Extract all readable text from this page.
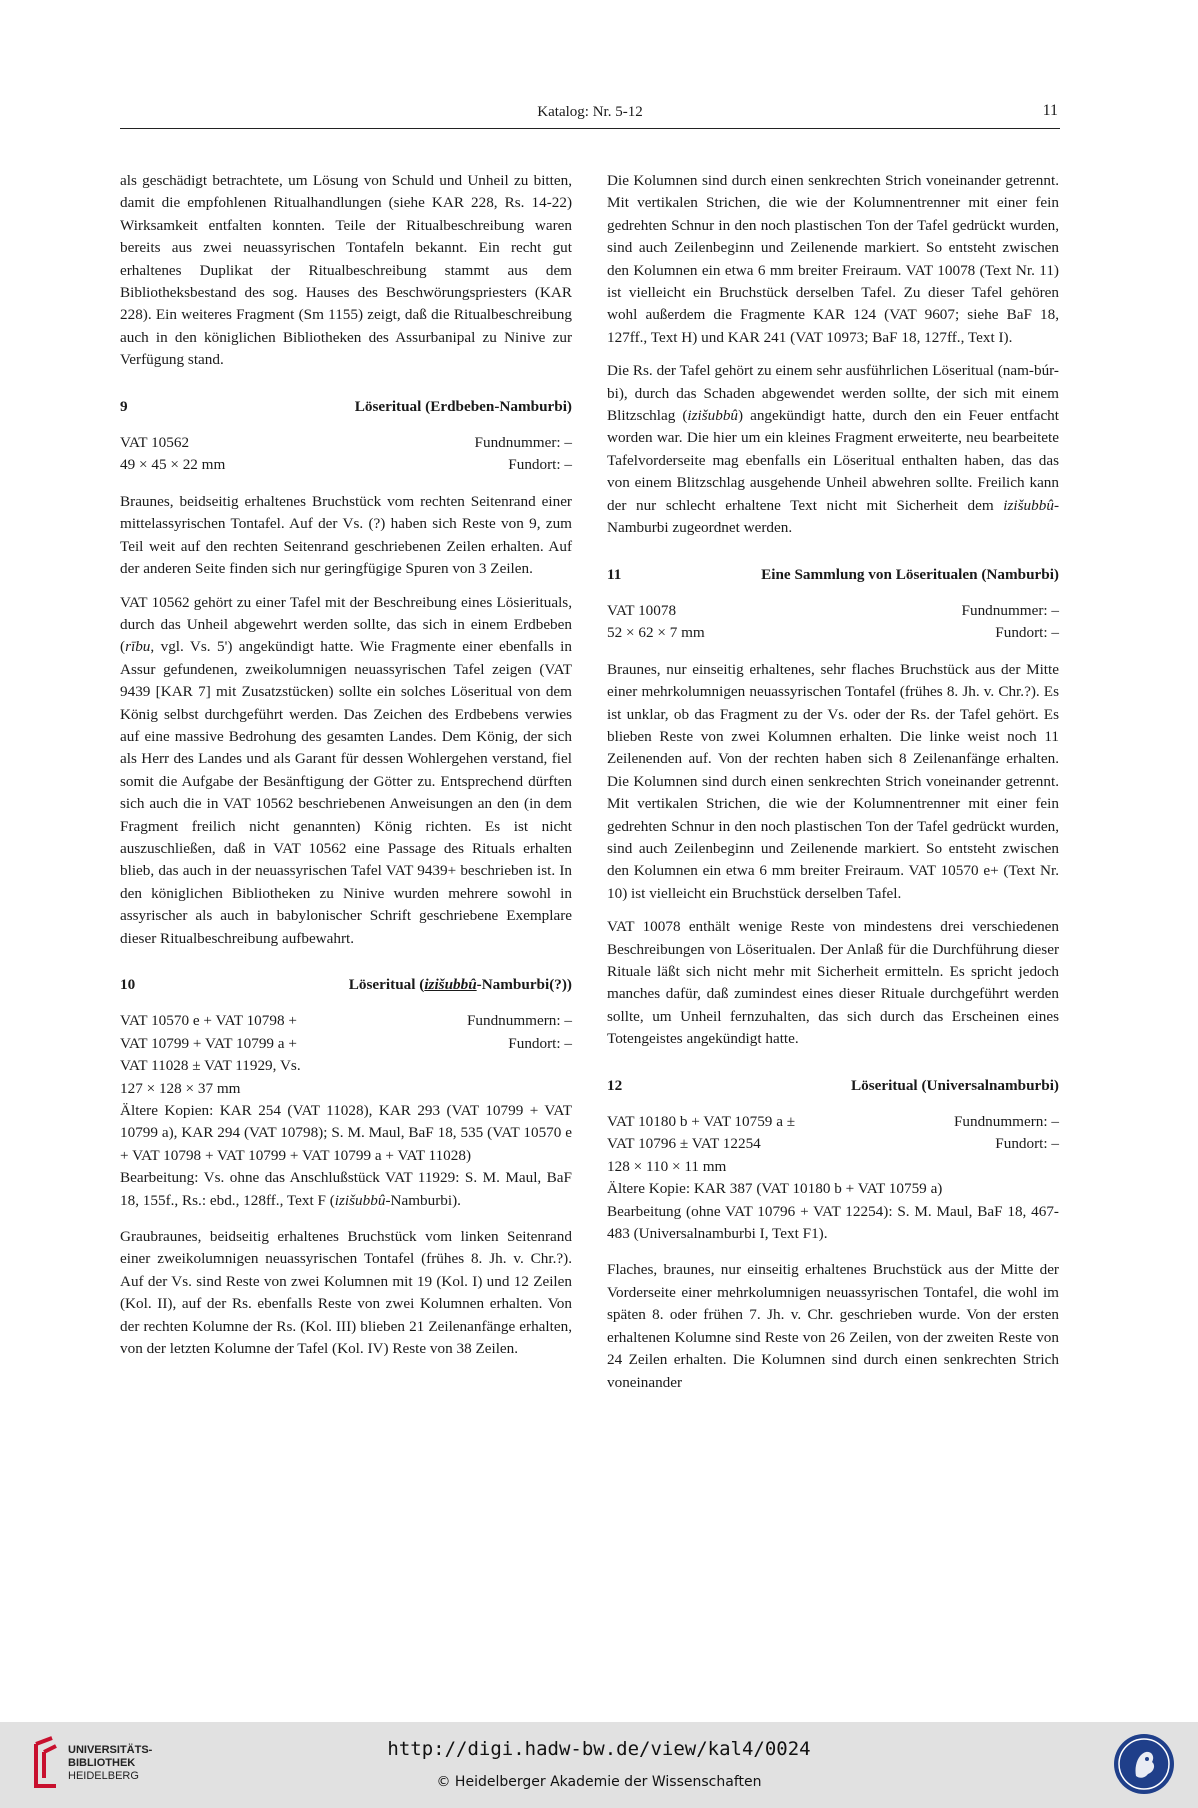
Katalog: Nr. 5-12	11

als geschädigt betrachtete, um Lösung von Schuld und Unheil zu bitten, damit die empfohlenen Ritualhandlungen (siehe KAR 228, Rs. 14-22) Wirksamkeit entfalten konnten. Teile der Ritualbeschreibung waren bereits aus zwei neuassyrischen Tontafeln bekannt. Ein recht gut erhaltenes Duplikat der Ritualbeschreibung stammt aus dem Bibliotheksbestand des sog. Hauses des Beschwörungspriesters (KAR 228). Ein weiteres Fragment (Sm 1155) zeigt, daß die Ritualbeschreibung auch in den königlichen Bibliotheken des Assurbanipal zu Ninive zur Verfügung stand.

9	Löseritual (Erdbeben-Namburbi)
VAT 10562	Fundnummer: –
49 × 45 × 22 mm	Fundort: –

Braunes, beidseitig erhaltenes Bruchstück vom rechten Seitenrand einer mittelassyrischen Tontafel. Auf der Vs. (?) haben sich Reste von 9, zum Teil weit auf den rechten Seitenrand geschriebenen Zeilen erhalten. Auf der anderen Seite finden sich nur geringfügige Spuren von 3 Zeilen.

VAT 10562 gehört zu einer Tafel mit der Beschreibung eines Lösierituals, durch das Unheil abgewehrt werden sollte, das sich in einem Erdbeben (rību, vgl. Vs. 5') angekündigt hatte. Wie Fragmente einer ebenfalls in Assur gefundenen, zweikolumnigen neuassyrischen Tafel zeigen (VAT 9439 [KAR 7] mit Zusatzstücken) sollte ein solches Löseritual von dem König selbst durchgeführt werden. Das Zeichen des Erdbebens verwies auf eine massive Bedrohung des gesamten Landes. Dem König, der sich als Herr des Landes und als Garant für dessen Wohlergehen verstand, fiel somit die Aufgabe der Besänftigung der Götter zu. Entsprechend dürften sich auch die in VAT 10562 beschriebenen Anweisungen an den (in dem Fragment freilich nicht genannten) König richten. Es ist nicht auszuschließen, daß in VAT 10562 eine Passage des Rituals erhalten blieb, das auch in der neuassyrischen Tafel VAT 9439+ beschrieben ist. In den königlichen Bibliotheken zu Ninive wurden mehrere sowohl in assyrischer als auch in babylonischer Schrift geschriebene Exemplare dieser Ritualbeschreibung aufbewahrt.

10	Löseritual (izišubbû-Namburbi(?))
VAT 10570 e + VAT 10798 +	Fundnummern: –
VAT 10799 + VAT 10799 a +	Fundort: –
VAT 11028 ± VAT 11929, Vs.
127 × 128 × 37 mm
Ältere Kopien: KAR 254 (VAT 11028), KAR 293 (VAT 10799 + VAT 10799 a), KAR 294 (VAT 10798); S. M. Maul, BaF 18, 535 (VAT 10570 e + VAT 10798 + VAT 10799 + VAT 10799 a + VAT 11028)
Bearbeitung: Vs. ohne das Anschlußstück VAT 11929: S. M. Maul, BaF 18, 155f., Rs.: ebd., 128ff., Text F (izišubbû-Namburbi).

Graubraunes, beidseitig erhaltenes Bruchstück vom linken Seitenrand einer zweikolumnigen neuassyrischen Tontafel (frühes 8. Jh. v. Chr.?). Auf der Vs. sind Reste von zwei Kolumnen mit 19 (Kol. I) und 12 Zeilen (Kol. II), auf der Rs. ebenfalls Reste von zwei Kolumnen erhalten. Von der rechten Kolumne der Rs. (Kol. III) blieben 21 Zeilenanfänge erhalten, von der letzten Kolumne der Tafel (Kol. IV) Reste von 38 Zeilen.

Die Kolumnen sind durch einen senkrechten Strich voneinander getrennt. Mit vertikalen Strichen, die wie der Kolumnentrenner mit einer fein gedrehten Schnur in den noch plastischen Ton der Tafel gedrückt wurden, sind auch Zeilenbeginn und Zeilenende markiert. So entsteht zwischen den Kolumnen ein etwa 6 mm breiter Freiraum. VAT 10078 (Text Nr. 11) ist vielleicht ein Bruchstück derselben Tafel. Zu dieser Tafel gehören wohl außerdem die Fragmente KAR 124 (VAT 9607; siehe BaF 18, 127ff., Text H) und KAR 241 (VAT 10973; BaF 18, 127ff., Text I).

Die Rs. der Tafel gehört zu einem sehr ausführlichen Löseritual (nam-búr-bi), durch das Schaden abgewendet werden sollte, der sich mit einem Blitzschlag (izišubbû) angekündigt hatte, durch den ein Feuer entfacht worden war. Die hier um ein kleines Fragment erweiterte, neu bearbeitete Tafelvorderseite mag ebenfalls ein Löseritual enthalten haben, das das von einem Blitzschlag ausgehende Unheil abwehren sollte. Freilich kann der nur schlecht erhaltene Text nicht mit Sicherheit dem izišubbû-Namburbi zugeordnet werden.

11	Eine Sammlung von Löseritualen (Namburbi)
VAT 10078	Fundnummer: –
52 × 62 × 7 mm	Fundort: –

Braunes, nur einseitig erhaltenes, sehr flaches Bruchstück aus der Mitte einer mehrkolumnigen neuassyrischen Tontafel (frühes 8. Jh. v. Chr.?). Es ist unklar, ob das Fragment zu der Vs. oder der Rs. der Tafel gehört. Es blieben Reste von zwei Kolumnen erhalten. Die linke weist noch 11 Zeilenenden auf. Von der rechten haben sich 8 Zeilenanfänge erhalten. Die Kolumnen sind durch einen senkrechten Strich voneinander getrennt. Mit vertikalen Strichen, die wie der Kolumnentrenner mit einer fein gedrehten Schnur in den noch plastischen Ton der Tafel gedrückt wurden, sind auch Zeilenbeginn und Zeilenende markiert. So entsteht zwischen den Kolumnen ein etwa 6 mm breiter Freiraum. VAT 10570 e+ (Text Nr. 10) ist vielleicht ein Bruchstück derselben Tafel.

VAT 10078 enthält wenige Reste von mindestens drei verschiedenen Beschreibungen von Löseritualen. Der Anlaß für die Durchführung dieser Rituale läßt sich nicht mehr mit Sicherheit ermitteln. Es spricht jedoch manches dafür, daß zumindest eines dieser Rituale durchgeführt werden sollte, um Unheil fernzuhalten, das sich durch das Erscheinen eines Totengeistes angekündigt hatte.

12	Löseritual (Universalnamburbi)
VAT 10180 b + VAT 10759 a ±	Fundnummern: –
VAT 10796 ± VAT 12254	Fundort: –
128 × 110 × 11 mm
Ältere Kopie: KAR 387 (VAT 10180 b + VAT 10759 a)
Bearbeitung (ohne VAT 10796 + VAT 12254): S. M. Maul, BaF 18, 467-483 (Universalnamburbi I, Text F1).

Flaches, braunes, nur einseitig erhaltenes Bruchstück aus der Mitte der Vorderseite einer mehrkolumnigen neuassyrischen Tontafel, die wohl im späten 8. oder frühen 7. Jh. v. Chr. geschrieben wurde. Von der ersten erhaltenen Kolumne sind Reste von 26 Zeilen, von der zweiten Reste von 24 Zeilen erhalten. Die Kolumnen sind durch einen senkrechten Strich voneinander

UNIVERSITÄTS-
BIBLIOTHEK
HEIDELBERG
http://digi.hadw-bw.de/view/kal4/0024
© Heidelberger Akademie der Wissenschaften
